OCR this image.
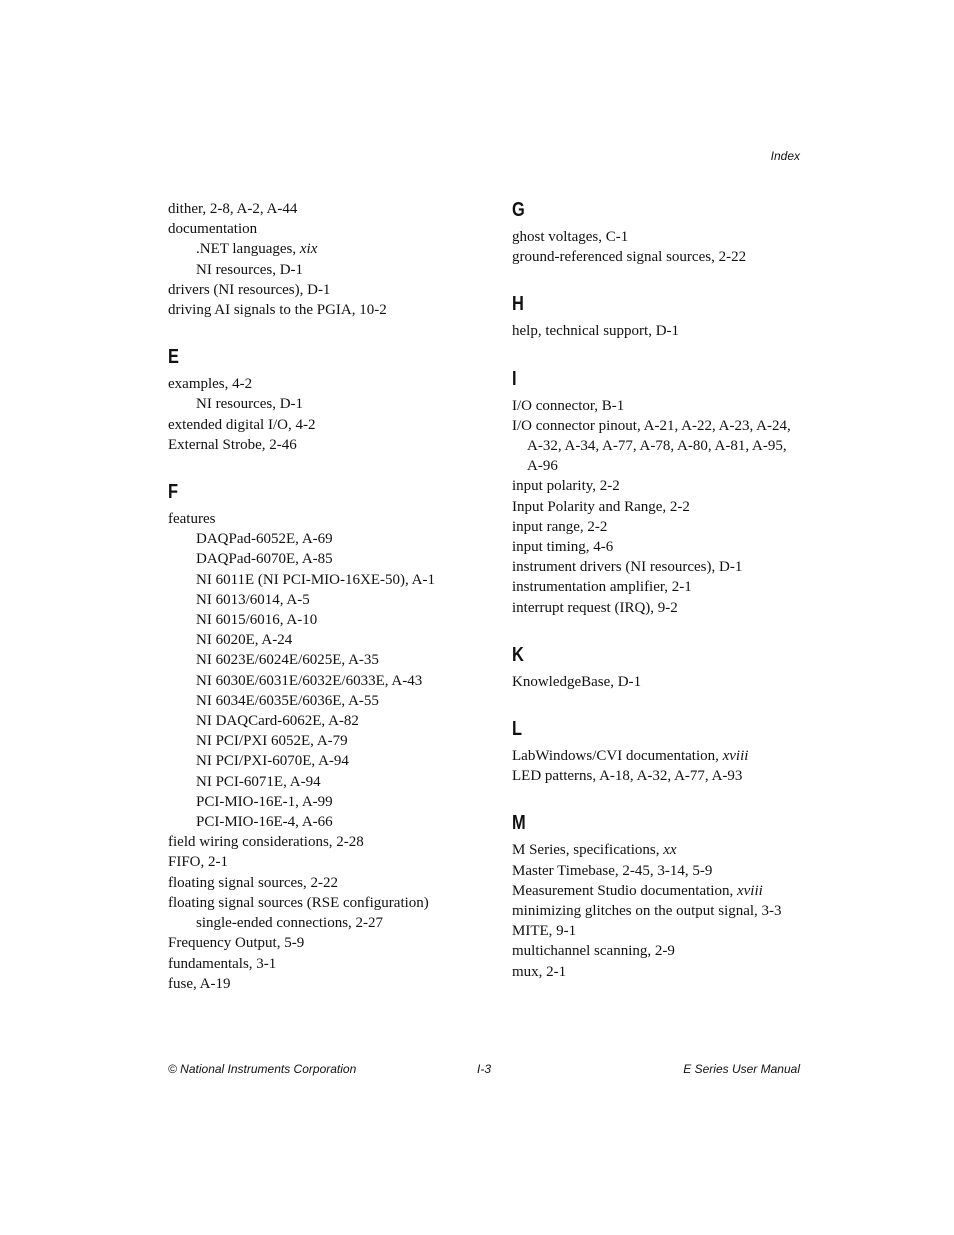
Index

dither, 2-8, A-2, A-44

documentation

.NET languages, xix

NI resources, D-1

drivers (NI resources), D-1

driving AI signals to the PGIA, 10-2

E

examples, 4-2

NI resources, D-1

extended digital I/O, 4-2

External Strobe, 2-46

F

features

DAQPad-6052E, A-69

DAQPad-6070E, A-85

NI 6011E (NI PCI-MIO-16XE-50), A-1

NI 6013/6014, A-5

NI 6015/6016, A-10

NI 6020E, A-24

NI 6023E/6024E/6025E, A-35

NI 6030E/6031E/6032E/6033E, A-43

NI 6034E/6035E/6036E, A-55

NI DAQCard-6062E, A-82

NI PCI/PXI 6052E, A-79

NI PCI/PXI-6070E, A-94

NI PCI-6071E, A-94

PCI-MIO-16E-1, A-99

PCI-MIO-16E-4, A-66

field wiring considerations, 2-28

FIFO, 2-1

floating signal sources, 2-22

floating signal sources (RSE configuration)

single-ended connections, 2-27

Frequency Output, 5-9

fundamentals, 3-1

fuse, A-19

G

ghost voltages, C-1

ground-referenced signal sources, 2-22

H

help, technical support, D-1

I

I/O connector, B-1

I/O connector pinout, A-21, A-22, A-23, A-24, A-32, A-34, A-77, A-78, A-80, A-81, A-95, A-96

input polarity, 2-2

Input Polarity and Range, 2-2

input range, 2-2

input timing, 4-6

instrument drivers (NI resources), D-1

instrumentation amplifier, 2-1

interrupt request (IRQ), 9-2

K

KnowledgeBase, D-1

L

LabWindows/CVI documentation, xviii

LED patterns, A-18, A-32, A-77, A-93

M

M Series, specifications, xx

Master Timebase, 2-45, 3-14, 5-9

Measurement Studio documentation, xviii

minimizing glitches on the output signal, 3-3

MITE, 9-1

multichannel scanning, 2-9

mux, 2-1

© National Instruments Corporation	I-3	E Series User Manual
